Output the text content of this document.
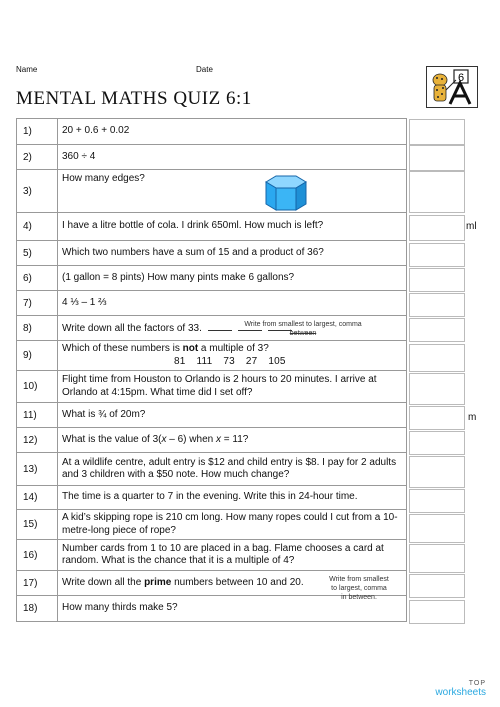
Name	Date
MENTAL MATHS QUIZ 6:1
6
1)	20 + 0.6 + 0.02
2)	360 ÷ 4
3)	How many edges?
4)	I have a litre bottle of cola. I drink 650ml. How much is left?
5)	Which two numbers have a sum of 15 and a product of 36?
6)	(1 gallon = 8 pints) How many pints make 6 gallons?
7)	4 ⅓ – 1 ⅔
8)	Write down all the factors of 33.
9)	Which of these numbers is not a multiple of 3?
81 111 73 27 105

10)	Flight time from Houston to Orlando is 2 hours to 20 minutes. I arrive at Orlando at 4:15pm. What time did I set off?
11)	What is ¾ of 20m?
12)	What is the value of 3(x – 6) when x = 11?
13)	At a wildlife centre, adult entry is $12 and child entry is $8. I pay for 2 adults and 3 children with a $50 note. How much change?
14)	The time is a quarter to 7 in the evening. Write this in 24-hour time.
15)	A kid’s skipping rope is 210 cm long. How many ropes could I cut from a 10-metre-long piece of rope?
16)	Number cards from 1 to 10 are placed in a bag. Flame chooses a card at random. What is the chance that it is a multiple of 4?
17)	Write down all the prime numbers between 10 and 20.
18)	How many thirds make 5?
Write from smallest to largest, comma
between
Write from smallest
to largest, comma
in between.
ml
m
TOP
worksheets
